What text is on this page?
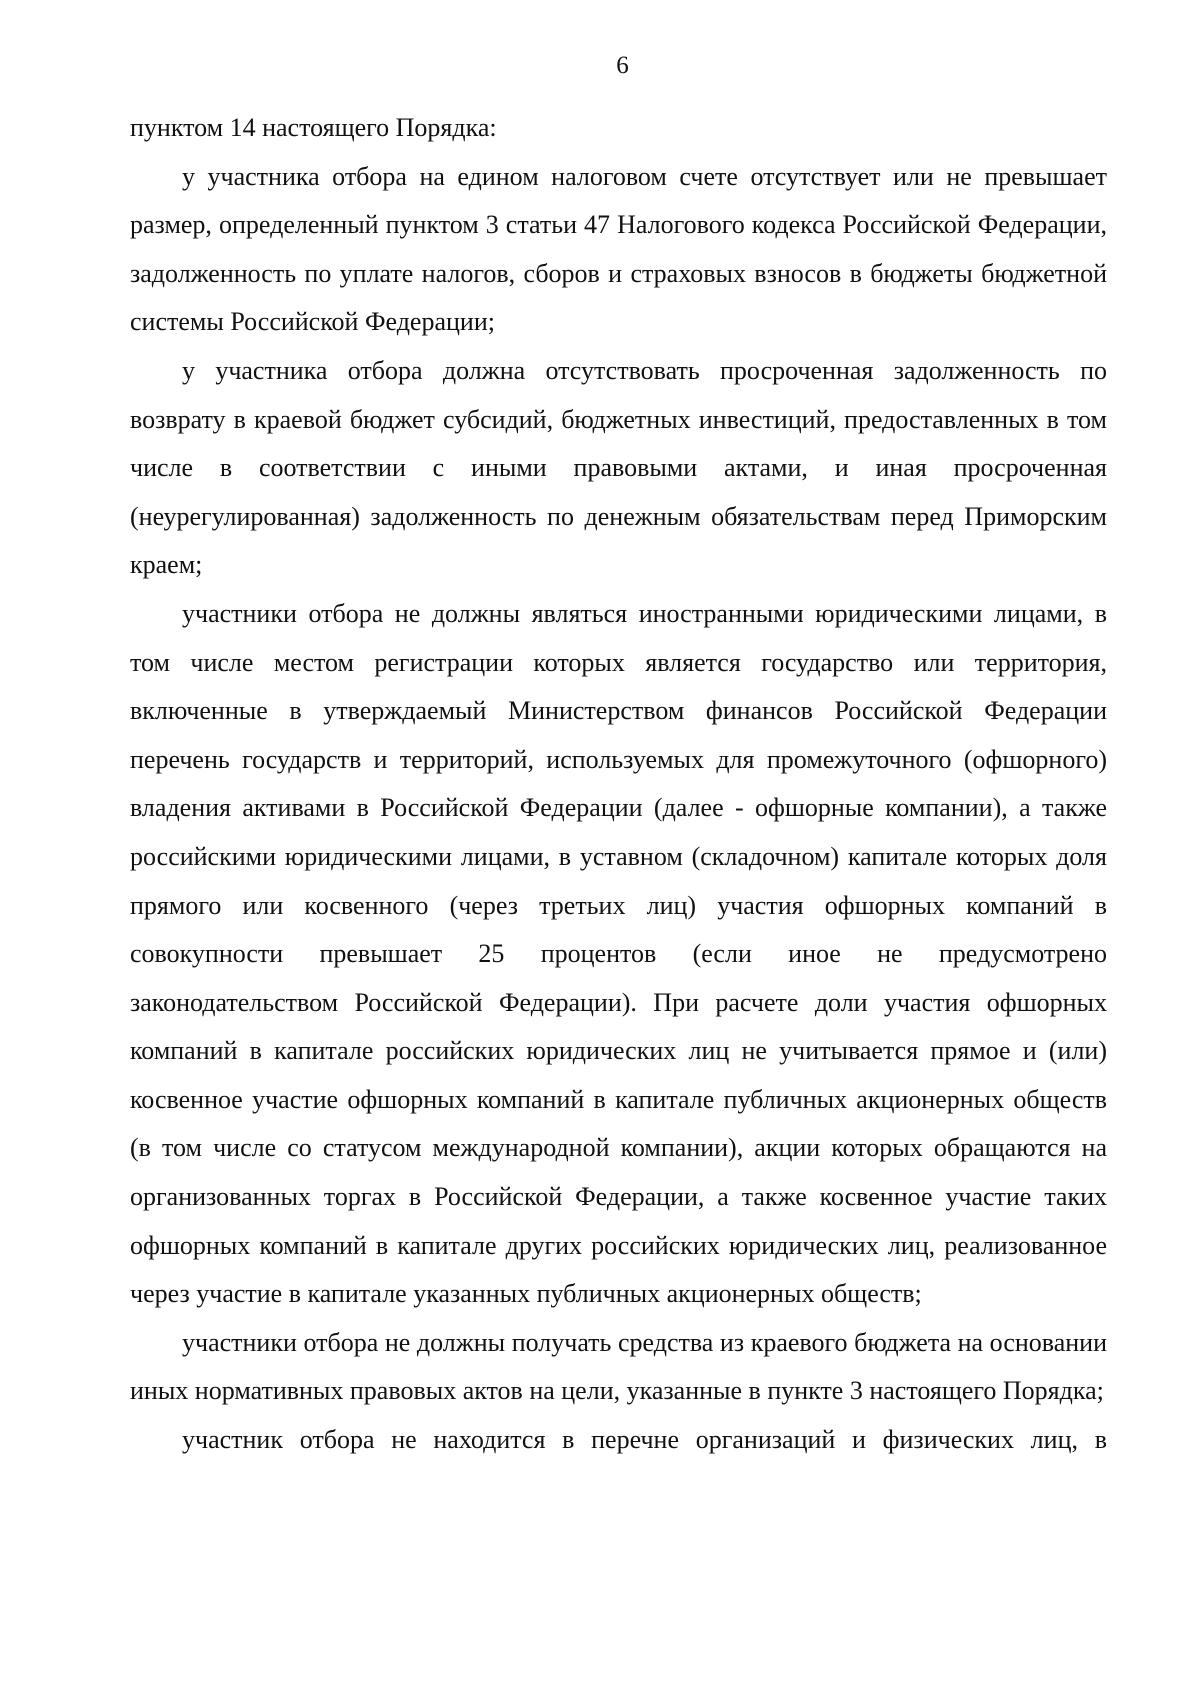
6

пунктом 14 настоящего Порядка:

у участника отбора на едином налоговом счете отсутствует или не превышает размер, определенный пунктом 3 статьи 47 Налогового кодекса Российской Федерации, задолженность по уплате налогов, сборов и страховых взносов в бюджеты бюджетной системы Российской Федерации;

у участника отбора должна отсутствовать просроченная задолженность по возврату в краевой бюджет субсидий, бюджетных инвестиций, предоставленных в том числе в соответствии с иными правовыми актами, и иная просроченная (неурегулированная) задолженность по денежным обязательствам перед Приморским краем;

участники отбора не должны являться иностранными юридическими лицами, в том числе местом регистрации которых является государство или территория, включенные в утверждаемый Министерством финансов Российской Федерации перечень государств и территорий, используемых для промежуточного (офшорного) владения активами в Российской Федерации (далее - офшорные компании), а также российскими юридическими лицами, в уставном (складочном) капитале которых доля прямого или косвенного (через третьих лиц) участия офшорных компаний в совокупности превышает 25 процентов (если иное не предусмотрено законодательством Российской Федерации). При расчете доли участия офшорных компаний в капитале российских юридических лиц не учитывается прямое и (или) косвенное участие офшорных компаний в капитале публичных акционерных обществ (в том числе со статусом международной компании), акции которых обращаются на организованных торгах в Российской Федерации, а также косвенное участие таких офшорных компаний в капитале других российских юридических лиц, реализованное через участие в капитале указанных публичных акционерных обществ;

участники отбора не должны получать средства из краевого бюджета на основании иных нормативных правовых актов на цели, указанные в пункте 3 настоящего Порядка;

участник отбора не находится в перечне организаций и физических лиц, в
